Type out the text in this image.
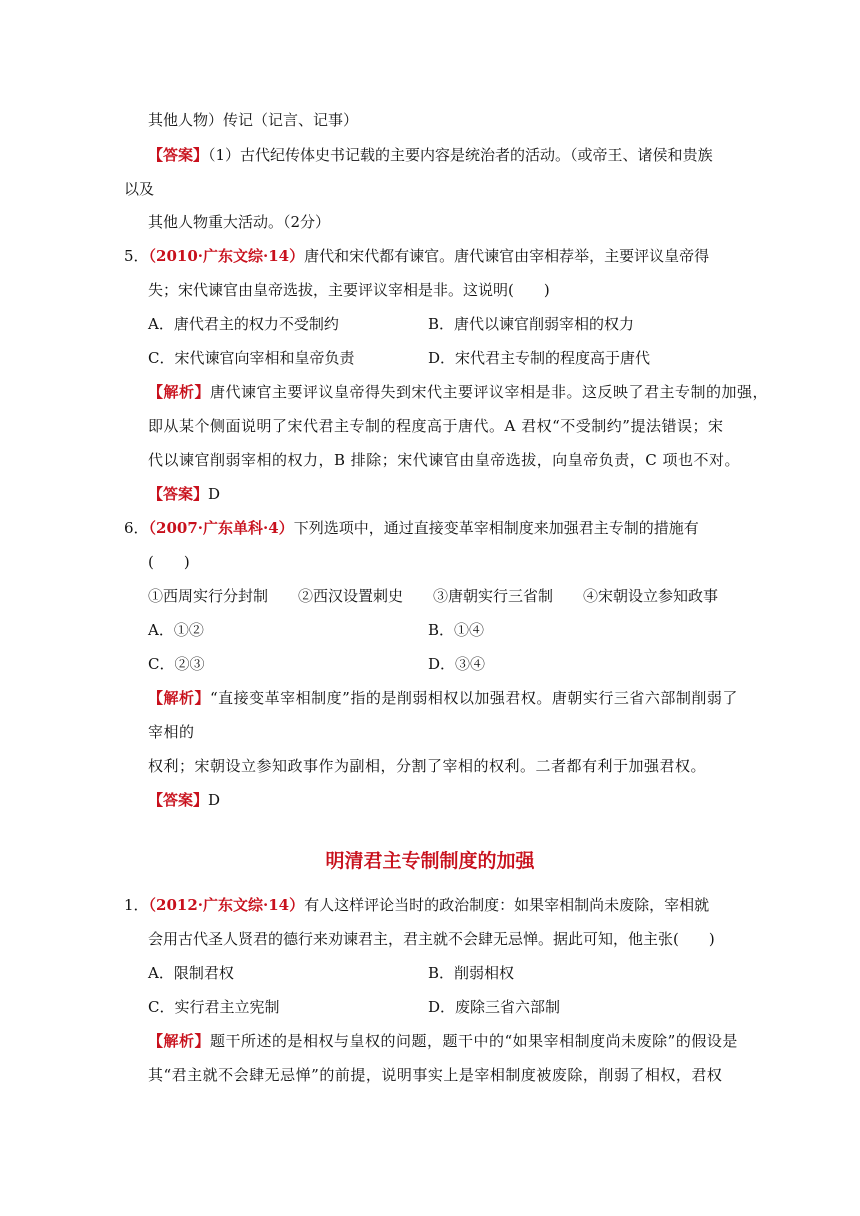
其他人物）传记（记言、记事）
【答案】（1）古代纪传体史书记载的主要内容是统治者的活动。（或帝王、诸侯和贵族
以及
其他人物重大活动。（2分）
5．（2010·广东文综·14）唐代和宋代都有谏官。唐代谏官由宰相荐举，主要评议皇帝得
失；宋代谏官由皇帝选拔，主要评议宰相是非。这说明(　　)
A．唐代君主的权力不受制约	B．唐代以谏官削弱宰相的权力
C．宋代谏官向宰相和皇帝负责	D．宋代君主专制的程度高于唐代
【解析】唐代谏官主要评议皇帝得失到宋代主要评议宰相是非。这反映了君主专制的加强，
即从某个侧面说明了宋代君主专制的程度高于唐代。A 君权“不受制约”提法错误；宋
代以谏官削弱宰相的权力，B 排除；宋代谏官由皇帝选拔，向皇帝负责，C 项也不对。
【答案】D
6．（2007·广东单科·4）下列选项中，通过直接变革宰相制度来加强君主专制的措施有
(　　)
①西周实行分封制　　②西汉设置刺史　　③唐朝实行三省制　　④宋朝设立参知政事
A．①②	B．①④
C．②③	D．③④
【解析】“直接变革宰相制度”指的是削弱相权以加强君权。唐朝实行三省六部制削弱了
宰相的
权利；宋朝设立参知政事作为副相，分割了宰相的权利。二者都有利于加强君权。
【答案】D
明清君主专制制度的加强
1．（2012·广东文综·14）有人这样评论当时的政治制度：如果宰相制尚未废除，宰相就
会用古代圣人贤君的德行来劝谏君主，君主就不会肆无忌惮。据此可知，他主张(　　)
A．限制君权	B．削弱相权
C．实行君主立宪制	D．废除三省六部制
【解析】题干所述的是相权与皇权的问题，题干中的“如果宰相制度尚未废除”的假设是
其“君主就不会肆无忌惮”的前提，说明事实上是宰相制度被废除，削弱了相权，君权
